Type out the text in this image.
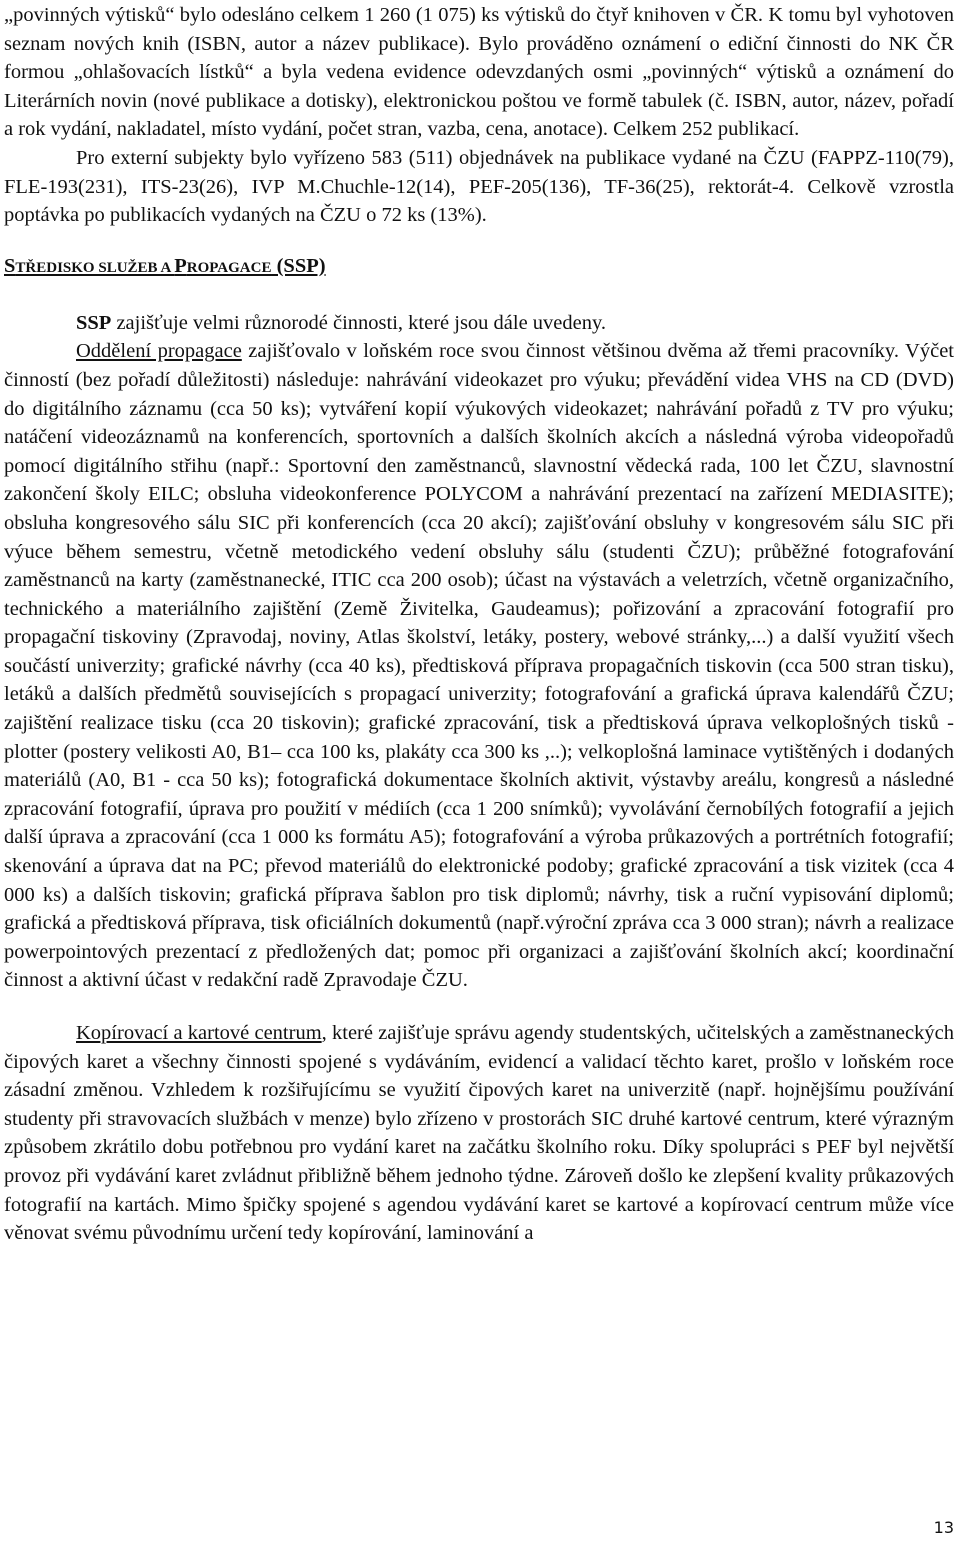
„povinných výtisků“ bylo odesláno celkem 1 260 (1 075) ks výtisků do čtyř knihoven v ČR. K tomu byl vyhotoven seznam nových knih (ISBN, autor a název publikace). Bylo prováděno oznámení o ediční činnosti do NK ČR formou „ohlašovacích lístků“ a byla vedena evidence odevzdaných osmi „povinných“ výtisků a oznámení do Literárních novin (nové publikace a dotisky), elektronickou poštou ve formě tabulek (č. ISBN, autor, název, pořadí a rok vydání, nakladatel, místo vydání, počet stran, vazba, cena, anotace). Celkem 252 publikací.

Pro externí subjekty bylo vyřízeno 583 (511) objednávek na publikace vydané na ČZU (FAPPZ-110(79), FLE-193(231), ITS-23(26), IVP M.Chuchle-12(14), PEF-205(136), TF-36(25), rektorát-4. Celkově vzrostla poptávka po publikacích vydaných na ČZU o 72 ks (13%).

STŘEDISKO SLUŽEB A PROPAGACE (SSP)

SSP zajišťuje velmi různorodé činnosti, které jsou dále uvedeny.

Oddělení propagace zajišťovalo v loňském roce svou činnost většinou dvěma až třemi pracovníky. Výčet činností (bez pořadí důležitosti) následuje: nahrávání videokazet pro výuku; převádění videa VHS na CD (DVD) do digitálního záznamu (cca 50 ks); vytváření kopií výukových videokazet; nahrávání pořadů z TV pro výuku; natáčení videozáznamů na konferencích, sportovních a dalších školních akcích a následná výroba videopořadů pomocí digitálního střihu (např.: Sportovní den zaměstnanců, slavnostní vědecká rada, 100 let ČZU, slavnostní zakončení školy EILC; obsluha videokonference POLYCOM a nahrávání prezentací na zařízení MEDIASITE); obsluha kongresového sálu SIC při konferencích (cca 20 akcí); zajišťování obsluhy v kongresovém sálu SIC při výuce během semestru, včetně metodického vedení obsluhy sálu (studenti ČZU); průběžné fotografování zaměstnanců na karty (zaměstnanecké, ITIC cca 200 osob); účast na výstavách a veletrzích, včetně organizačního, technického a materiálního zajištění (Země Živitelka, Gaudeamus); pořizování a zpracování fotografií pro propagační tiskoviny (Zpravodaj, noviny, Atlas školství, letáky, postery, webové stránky,...) a další využití všech součástí univerzity; grafické návrhy (cca 40 ks), předtisková příprava propagačních tiskovin (cca 500 stran tisku), letáků a dalších předmětů souvisejících s propagací univerzity; fotografování a grafická úprava kalendářů ČZU; zajištění realizace tisku (cca 20 tiskovin); grafické zpracování, tisk a předtisková úprava velkoplošných tisků - plotter (postery velikosti A0, B1– cca 100 ks, plakáty cca 300 ks ,..); velkoplošná laminace vytištěných i dodaných materiálů (A0, B1 - cca 50 ks); fotografická dokumentace školních aktivit, výstavby areálu, kongresů a následné zpracování fotografií, úprava pro použití v médiích (cca 1 200 snímků); vyvolávání černobílých fotografií a jejich další úprava a zpracování (cca 1 000 ks formátu A5); fotografování a výroba průkazových a portrétních fotografií; skenování a úprava dat na PC; převod materiálů do elektronické podoby; grafické zpracování a tisk vizitek (cca 4 000 ks) a dalších tiskovin; grafická příprava šablon pro tisk diplomů; návrhy, tisk a ruční vypisování diplomů; grafická a předtisková příprava, tisk oficiálních dokumentů (např.výroční zpráva cca 3 000 stran); návrh a realizace powerpointových prezentací z předložených dat; pomoc při organizaci a zajišťování školních akcí; koordinační činnost a aktivní účast v redakční radě Zpravodaje ČZU.

Kopírovací a kartové centrum, které zajišťuje správu agendy studentských, učitelských a zaměstnaneckých čipových karet a všechny činnosti spojené s vydáváním, evidencí a validací těchto karet, prošlo v loňském roce zásadní změnou. Vzhledem k rozšiřujícímu se využití čipových karet na univerzitě (např. hojnějšímu používání studenty při stravovacích službách v menze) bylo zřízeno v prostorách SIC druhé kartové centrum, které výrazným způsobem zkrátilo dobu potřebnou pro vydání karet na začátku školního roku. Díky spolupráci s PEF byl největší provoz při vydávání karet zvládnut přibližně během jednoho týdne. Zároveň došlo ke zlepšení kvality průkazových fotografií na kartách. Mimo špičky spojené s agendou vydávání karet se kartové a kopírovací centrum může více věnovat svému původnímu určení tedy kopírování, laminování a

13
